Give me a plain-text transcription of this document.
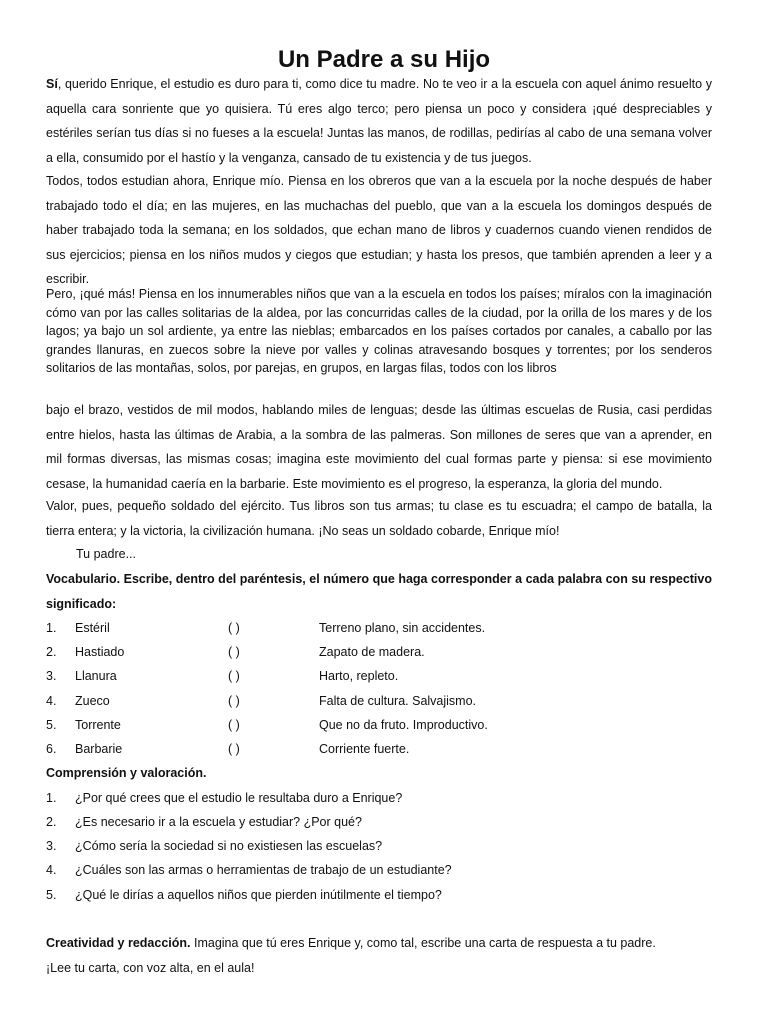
Un Padre a su Hijo

Sí, querido Enrique, el estudio es duro para ti, como dice tu madre. No te veo ir a la escuela con aquel ánimo resuelto y aquella cara sonriente que yo quisiera. Tú eres algo terco; pero piensa un poco y considera ¡qué despreciables y estériles serían tus días si no fueses a la escuela! Juntas las manos, de rodillas, pedirías al cabo de una semana volver a ella, consumido por el hastío y la venganza, cansado de tu existencia y de tus juegos.

Todos, todos estudian ahora, Enrique mío. Piensa en los obreros que van a la escuela por la noche después de haber trabajado todo el día; en las mujeres, en las muchachas del pueblo, que van a la escuela los domingos después de haber trabajado toda la semana; en los soldados, que echan mano de libros y cuadernos cuando vienen rendidos de sus ejercicios; piensa en los niños mudos y ciegos que estudian; y hasta los presos, que también aprenden a leer y a escribir.

Pero, ¡qué más! Piensa en los innumerables niños que van a la escuela en todos los países; míralos con la imaginación cómo van por las calles solitarias de la aldea, por las concurridas calles de la ciudad, por la orilla de los mares y de los lagos; ya bajo un sol ardiente, ya entre las nieblas; embarcados en los países cortados por canales, a caballo por las grandes llanuras, en zuecos sobre la nieve por valles y colinas atravesando bosques y torrentes; por los senderos solitarios de las montañas, solos, por parejas, en grupos, en largas filas, todos con los libros

bajo el brazo, vestidos de mil modos, hablando miles de lenguas; desde las últimas escuelas de Rusia, casi perdidas entre hielos, hasta las últimas de Arabia, a la sombra de las palmeras. Son millones de seres que van a aprender, en mil formas diversas, las mismas cosas; imagina este movimiento del cual formas parte y piensa: si ese movimiento cesase, la humanidad caería en la barbarie. Este movimiento es el progreso, la esperanza, la gloria del mundo.

Valor, pues, pequeño soldado del ejército. Tus libros son tus armas; tu clase es tu escuadra; el campo de batalla, la tierra entera; y la victoria, la civilización humana. ¡No seas un soldado cobarde, Enrique mío!

Tu padre...

Vocabulario. Escribe, dentro del paréntesis, el número que haga corresponder a cada palabra con su respectivo significado:

1. Estéril	( )	Terreno plano, sin accidentes.
2. Hastiado	( )	Zapato de madera.
3. Llanura	( )	Harto, repleto.
4. Zueco	( )	Falta de cultura. Salvajismo.
5. Torrente	( )	Que no da fruto. Improductivo.
6. Barbarie	( )	Corriente fuerte.

Comprensión y valoración.

1. ¿Por qué crees que el estudio le resultaba duro a Enrique?
2. ¿Es necesario ir a la escuela y estudiar? ¿Por qué?
3. ¿Cómo sería la sociedad si no existiesen las escuelas?
4. ¿Cuáles son las armas o herramientas de trabajo de un estudiante?
5. ¿Qué le dirías a aquellos niños que pierden inútilmente el tiempo?

Creatividad y redacción. Imagina que tú eres Enrique y, como tal, escribe una carta de respuesta a tu padre.

¡Lee tu carta, con voz alta, en el aula!
